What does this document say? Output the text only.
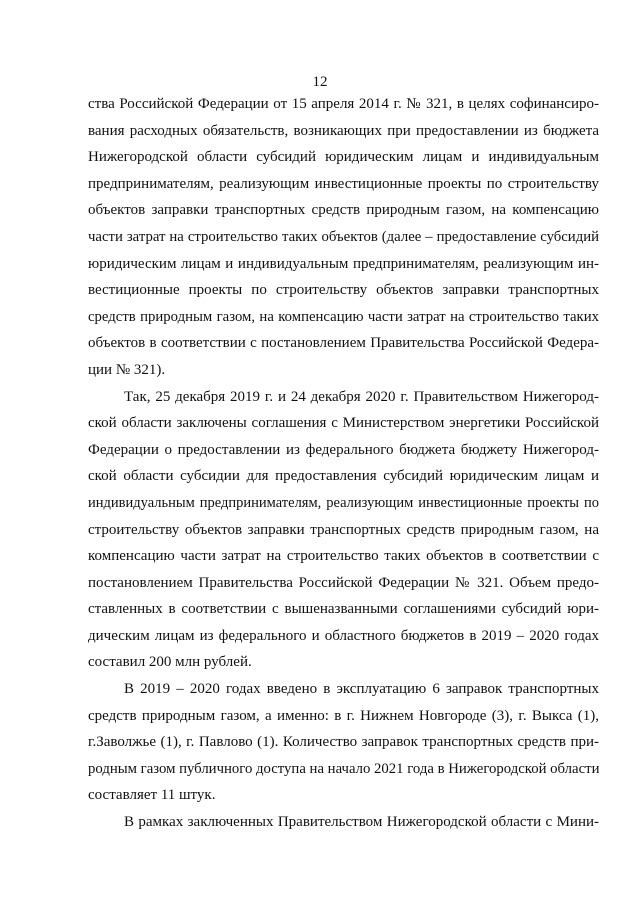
12
ства Российской Федерации от 15 апреля 2014 г. № 321, в целях софинансиро-
вания расходных обязательств, возникающих при предоставлении из бюджета
Нижегородской области субсидий юридическим лицам и индивидуальным
предпринимателям, реализующим инвестиционные проекты по строительству
объектов заправки транспортных средств природным газом, на компенсацию
части затрат на строительство таких объектов (далее – предоставление субсидий
юридическим лицам и индивидуальным предпринимателям, реализующим ин-
вестиционные проекты по строительству объектов заправки транспортных
средств природным газом, на компенсацию части затрат на строительство таких
объектов в соответствии с постановлением Правительства Российской Федера-
ции № 321).
Так, 25 декабря 2019 г. и 24 декабря 2020 г. Правительством Нижегород-
ской области заключены соглашения с Министерством энергетики Российской
Федерации о предоставлении из федерального бюджета бюджету Нижегород-
ской области субсидии для предоставления субсидий юридическим лицам и
индивидуальным предпринимателям, реализующим инвестиционные проекты по
строительству объектов заправки транспортных средств природным газом, на
компенсацию части затрат на строительство таких объектов в соответствии с
постановлением Правительства Российской Федерации № 321. Объем предо-
ставленных в соответствии с вышеназванными соглашениями субсидий юри-
дическим лицам из федерального и областного бюджетов в 2019 – 2020 годах
составил 200 млн рублей.
В 2019 – 2020 годах введено в эксплуатацию 6 заправок транспортных
средств природным газом, а именно: в г. Нижнем Новгороде (3), г. Выкса (1),
г.Заволжье (1), г. Павлово (1). Количество заправок транспортных средств при-
родным газом публичного доступа на начало 2021 года в Нижегородской области
составляет 11 штук.
В рамках заключенных Правительством Нижегородской области с Мини-
